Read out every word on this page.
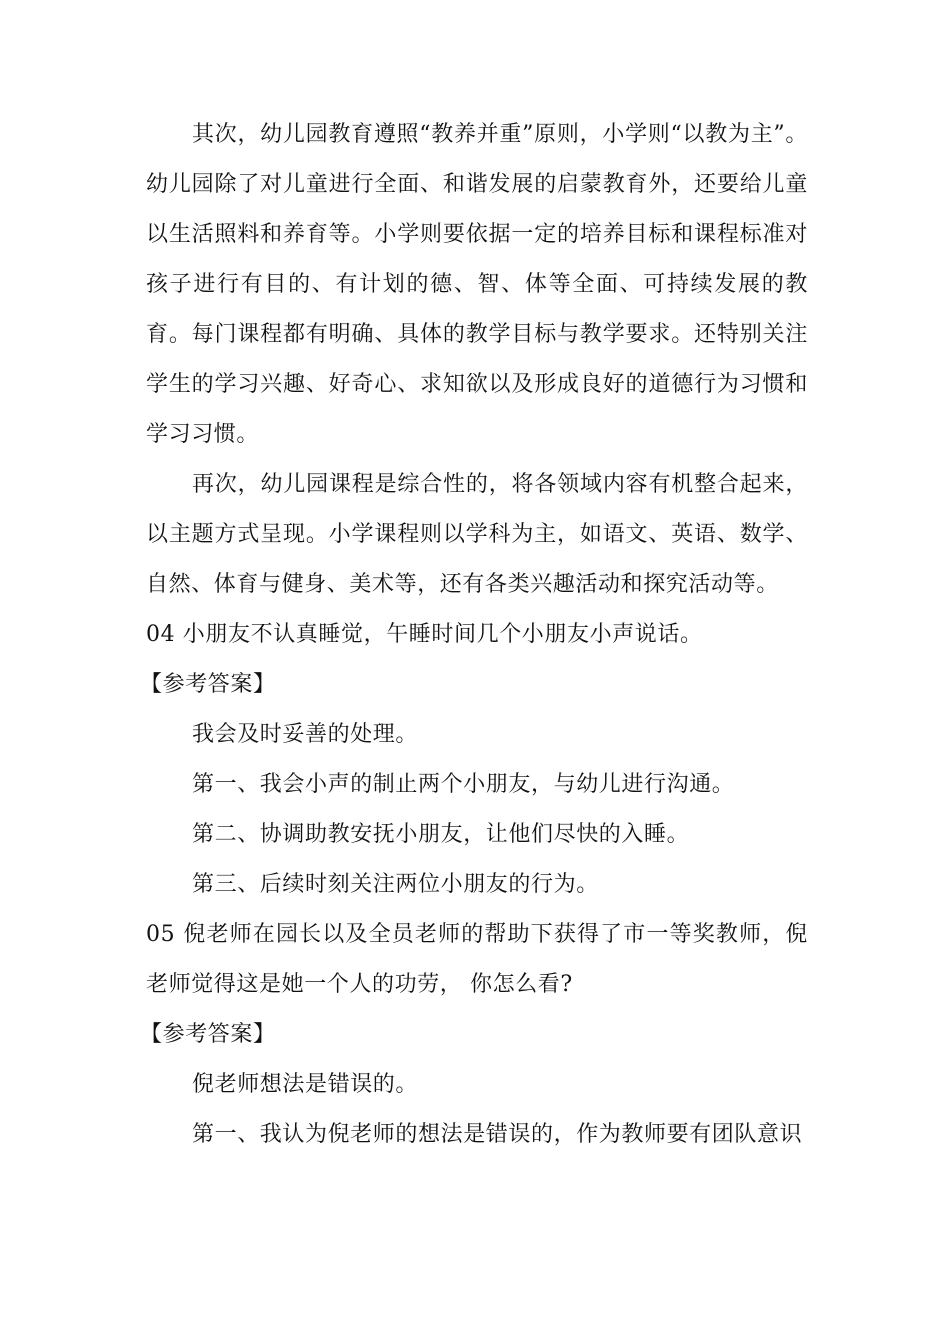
其次，幼儿园教育遵照“教养并重”原则，小学则“以教为主”。幼儿园除了对儿童进行全面、和谐发展的启蒙教育外，还要给儿童以生活照料和养育等。小学则要依据一定的培养目标和课程标准对孩子进行有目的、有计划的德、智、体等全面、可持续发展的教育。每门课程都有明确、具体的教学目标与教学要求。还特别关注学生的学习兴趣、好奇心、求知欲以及形成良好的道德行为习惯和学习习惯。

再次，幼儿园课程是综合性的，将各领域内容有机整合起来，以主题方式呈现。小学课程则以学科为主，如语文、英语、数学、自然、体育与健身、美术等，还有各类兴趣活动和探究活动等。

04 小朋友不认真睡觉，午睡时间几个小朋友小声说话。

【参考答案】

我会及时妥善的处理。

第一、我会小声的制止两个小朋友，与幼儿进行沟通。

第二、协调助教安抚小朋友，让他们尽快的入睡。

第三、后续时刻关注两位小朋友的行为。

05 倪老师在园长以及全员老师的帮助下获得了市一等奖教师，倪老师觉得这是她一个人的功劳， 你怎么看?

【参考答案】

倪老师想法是错误的。

第一、我认为倪老师的想法是错误的，作为教师要有团队意识
